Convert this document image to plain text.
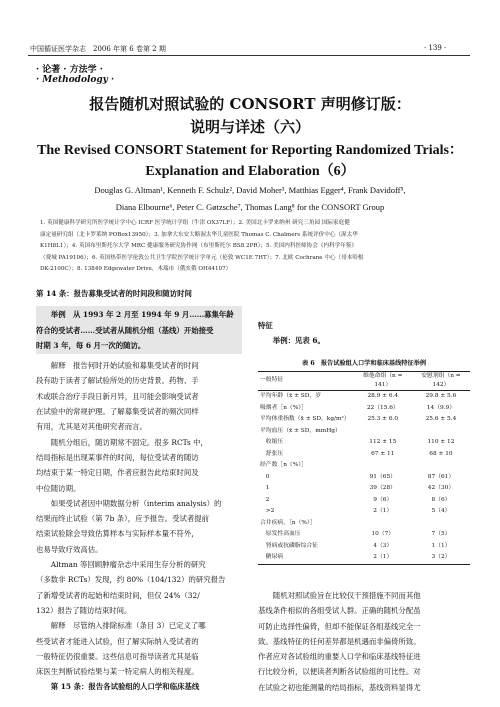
中国循证医学杂志　2006 年第 6 卷第 2 期	· 139 ·
· 论著 · 方法学 ·
· Methodology ·
报告随机对照试验的 CONSORT 声明修订版：
说明与详述（六）
The Revised CONSORT Statement for Reporting Randomized Trials：
Explanation and Elaboration（6）
Douglas G. Altman¹, Kenneth F. Schulz², David Moher³, Matthias Egger⁴, Frank Davidoff⁵,
Diana Elbourne⁶, Peter C. Gøtzsche⁷, Thomas Lang⁸ for the CONSORT Group
1. 英国健康科学研究所医学统计学中心 ICRF 医学统计学组（牛津 OX37LF）；2. 美国北卡罗来纳州 研究三角园 国际家庭健
康定量研究组（北卡罗莱纳 POBox13950）；3. 加拿大东安大略渥太华儿童医院 Thomas C. Chalmers 系统评价中心（渥太华
K1H8L1）；4. 英国布里斯托尔大学 MRC 健康服务研究协作网（布里斯托尔 BS8 2PR）；5. 美国内科医师协会《内科学年鉴》
（费城 PA19106）；6. 英国热带医学伦敦公共卫生学院医学统计学单元（伦敦 WC1E 7HT）；7. 北欧 Cochrane 中心（哥本哈根
DK-2100C）；8. 13849 Edgewater Drive，木瑞市（俄亥俄 OH44107）

第 14 条：报告募集受试者的时间段和随访时间

举例　从 1993 年 2 月至 1994 年 9 月……募集年龄

符合的受试者……受试者从随机分组（基线）开始接受

时期 3 年，每 6 月一次的随访。

解释　报告何时开始试验和募集受试者的时间

段有助于读者了解试验所处的历史背景。药物、手

术或联合治疗手段日新月异，且可能会影响受试者

在试验中的常规护理。了解募集受试者的频次同样

有用，尤其是对其他研究者而言。

随机分组后，随访期常不固定。很多 RCTs 中，

结局指标是出现某事件的时间，每位受试者的随访

均结束于某一特定日期，作者应报告此结束时间及

中位随访期。

如果受试者因中期数据分析（interim analysis）的

结果而终止试验（第 7b 条），应予报告。受试者提前

结束试验除会导致估算样本与实际样本量不符外，

也易导致疗效高估。

Altman 等回顾肿瘤杂志中采用生存分析的研究

（多数非 RCTs）发现，约 80%（104/132）的研究报告

了新增受试者的起始和结束时间，但仅 24%（32/

132）报告了随访结束时间。

解释　尽管纳入排除标准（条目 3）已定义了哪

些受试者才能进入试验，但了解实际纳入受试者的

一般特征仍很重要。这些信息可指导读者尤其是临

床医生判断试验结果与某一特定病人的相关程度。

第 15 条：报告各试验组的人口学和临床基线

特征

举例：见表 6。

表 6　报告试验组人口学和临床基线特征举例
一般特征	维他命组（n = 141）	安慰剂组（n = 142）
平均年龄（x̄ ± SD，岁	28.9 ± 6.4	29.8 ± 5.6
吸烟者［n（%）］	22（15.6）	14（9.9）
平均体重指数（x̄ ± SD，kg/m²）	25.3 ± 6.0	25.6 ± 5.4
平均血压（x̄ ± SD，mmHg）		
　收缩压	112 ± 15	110 ± 12
　舒张压	67 ± 11	68 ± 10
经产数［n（%）］		
　0	91（65）	87（61）
　1	39（28）	42（30）
　2	9（6）	8（6）
　>2	2（1）	5（4）
合并疾病，［n（%）］		
　原发性高血压	10（7）	7（5）
　肾病或抗磷脂综合征	4（3）	1（1）
　糖尿病	2（1）	3（2）

随机对照试验旨在比较仅干预措施不同而其他

基线条件相似的各组受试人群。正确的随机分配虽

可防止选择性偏倚，但却不能保证各组基线完全一

致。基线特征的任何差异都是机遇而非偏倚所致。

作者应对各试验组的重要人口学和临床基线特征进

行比较分析，以便读者判断各试验组的可比性。对

在试验之初也能测量的结局指标，基线资料显得尤
